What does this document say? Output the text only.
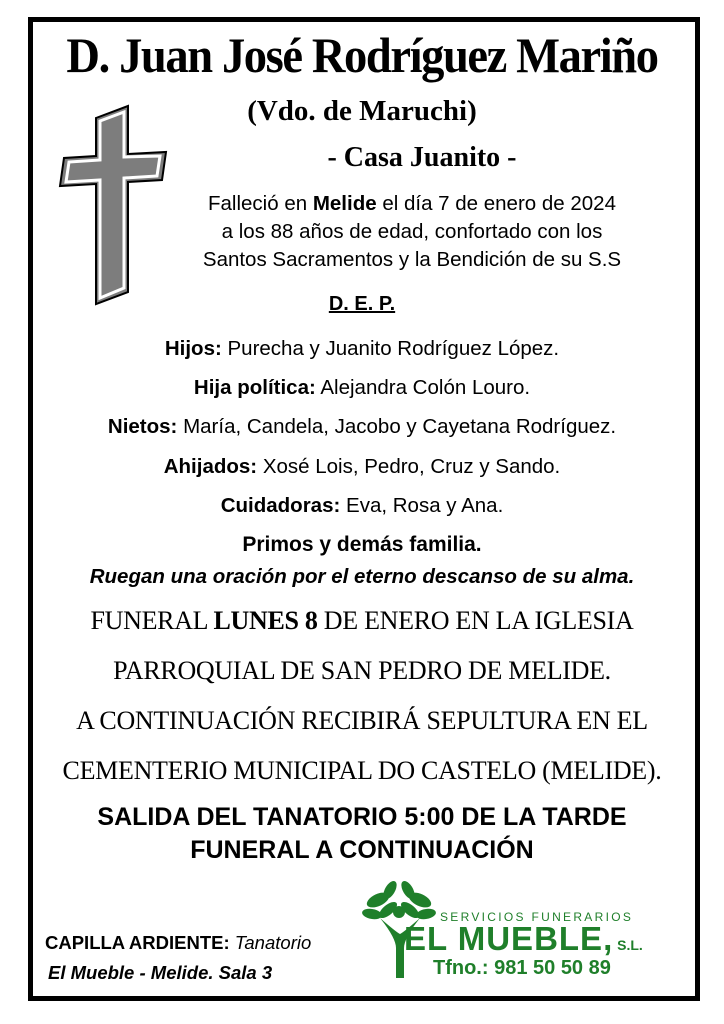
D. Juan José Rodríguez Mariño
(Vdo. de Maruchi)
- Casa Juanito -
Falleció en Melide el día 7 de enero de 2024
a los 88 años de edad, confortado con los
Santos Sacramentos y la Bendición de su S.S
D. E. P.
Hijos: Purecha y Juanito Rodríguez López.
Hija política: Alejandra Colón Louro.
Nietos: María, Candela, Jacobo y Cayetana Rodríguez.
Ahijados: Xosé Lois, Pedro, Cruz y Sando.
Cuidadoras: Eva, Rosa y Ana.
Primos y demás familia.
Ruegan una oración por el eterno descanso de su alma.
FUNERAL LUNES 8 DE ENERO EN LA IGLESIA
PARROQUIAL DE SAN PEDRO DE MELIDE.
A CONTINUACIÓN RECIBIRÁ SEPULTURA EN EL
CEMENTERIO MUNICIPAL DO CASTELO (MELIDE).
SALIDA DEL TANATORIO 5:00 DE LA TARDE
FUNERAL A CONTINUACIÓN
CAPILLA ARDIENTE: Tanatorio
El Mueble - Melide. Sala 3
SERVICIOS FUNERARIOS
EL MUEBLE, S.L.
Tfno.: 981 50 50 89
